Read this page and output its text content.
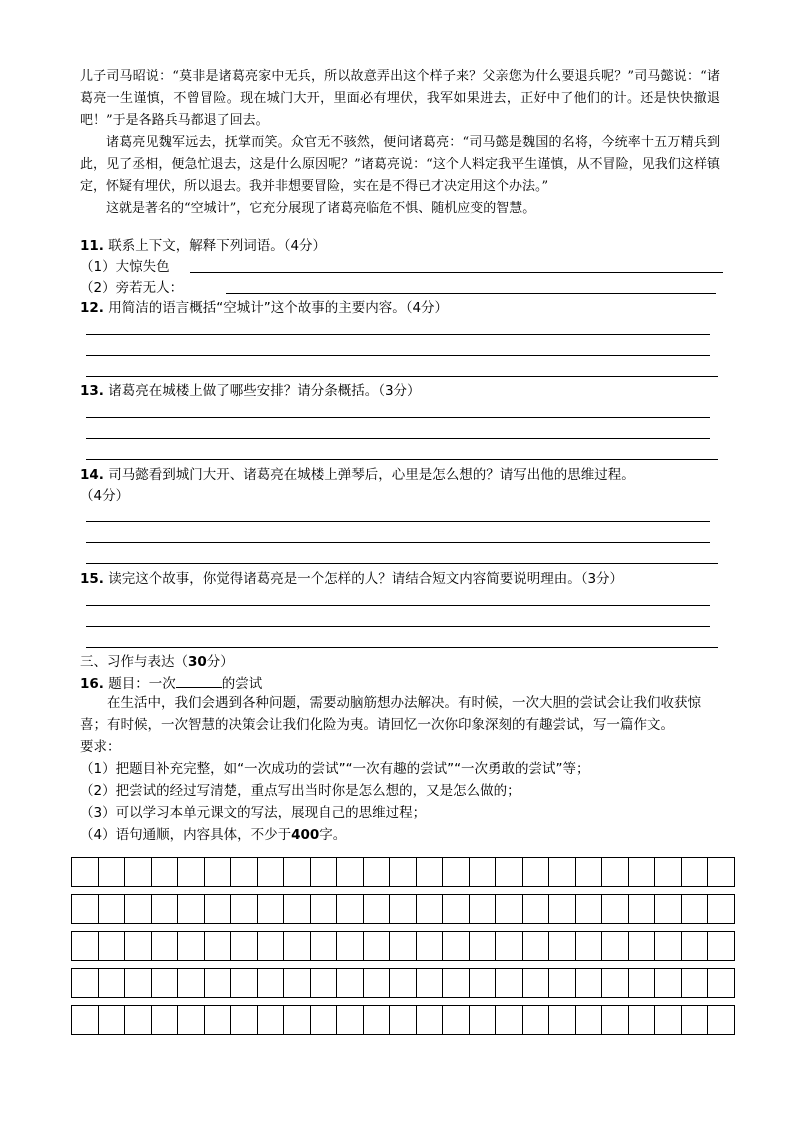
儿子司马昭说：“莫非是诸葛亮家中无兵，所以故意弄出这个样子来？父亲您为什么要退兵呢？”司马懿说：“诸葛亮一生谨慎，不曾冒险。现在城门大开，里面必有埋伏，我军如果进去，正好中了他们的计。还是快快撤退吧！”于是各路兵马都退了回去。

诸葛亮见魏军远去，抚掌而笑。众官无不骇然，便问诸葛亮：“司马懿是魏国的名将，今统率十五万精兵到此，见了丞相，便急忙退去，这是什么原因呢？”诸葛亮说：“这个人料定我平生谨慎，从不冒险，见我们这样镇定，怀疑有埋伏，所以退去。我并非想要冒险，实在是不得已才决定用这个办法。”

这就是著名的“空城计”，它充分展现了诸葛亮临危不惧、随机应变的智慧。

11. 联系上下文，解释下列词语。（4分）
（1）大惊失色
（2）旁若无人：
12. 用简洁的语言概括“空城计”这个故事的主要内容。（4分）
13. 诸葛亮在城楼上做了哪些安排？请分条概括。（3分）
14. 司马懿看到城门大开、诸葛亮在城楼上弹琴后，心里是怎么想的？请写出他的思维过程。
（4分）
15. 读完这个故事，你觉得诸葛亮是一个怎样的人？请结合短文内容简要说明理由。（3分）
三、习作与表达（30分）
16. 题目：一次	的尝试

在生活中，我们会遇到各种问题，需要动脑筋想办法解决。有时候，一次大胆的尝试会让我们收获惊喜；有时候，一次智慧的决策会让我们化险为夷。请回忆一次你印象深刻的有趣尝试，写一篇作文。

要求：

（1）把题目补充完整，如“一次成功的尝试”“一次有趣的尝试”“一次勇敢的尝试”等；

（2）把尝试的经过写清楚，重点写出当时你是怎么想的，又是怎么做的；

（3）可以学习本单元课文的写法，展现自己的思维过程；

（4）语句通顺，内容具体，不少于400字。
